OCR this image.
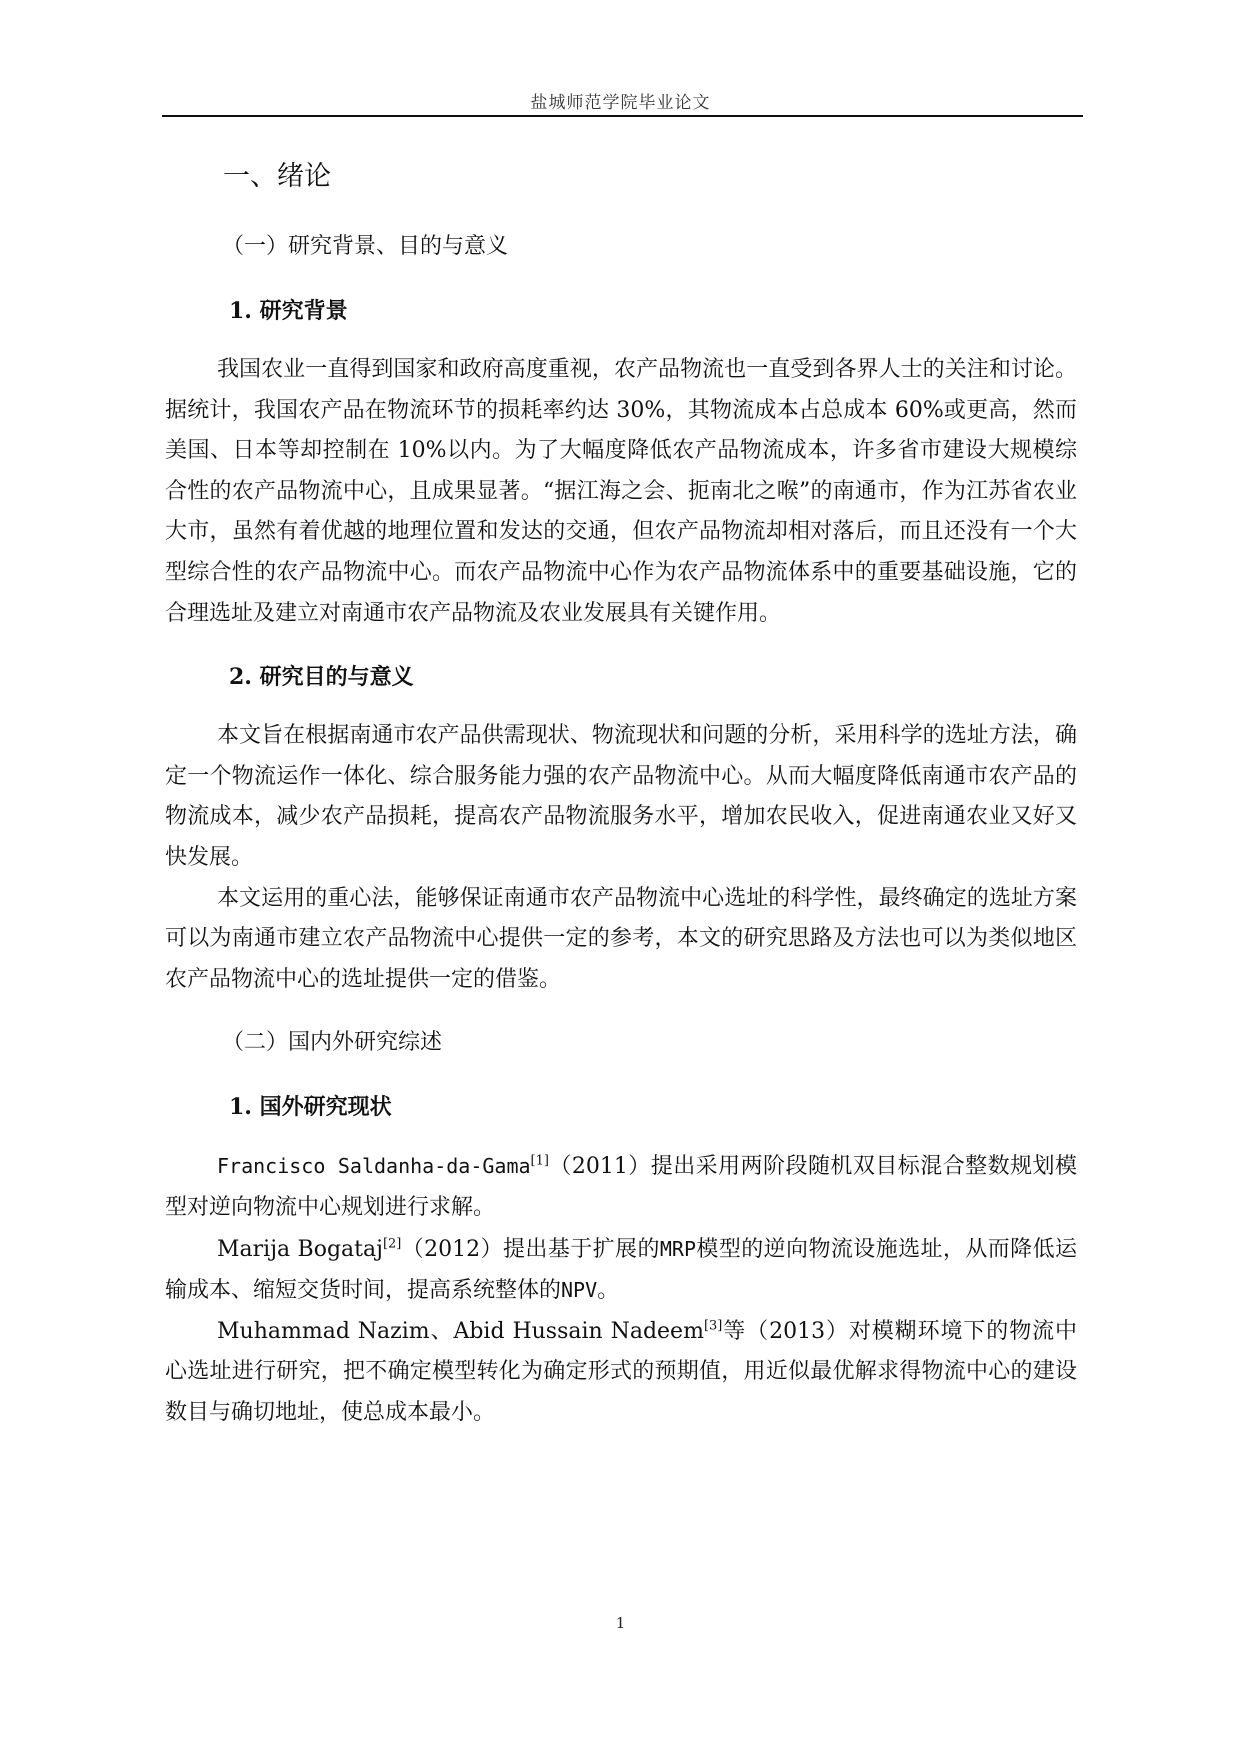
盐城师范学院毕业论文
一、绪论
（一）研究背景、目的与意义
1. 研究背景

我国农业一直得到国家和政府高度重视，农产品物流也一直受到各界人士的关注和讨论。据统计，我国农产品在物流环节的损耗率约达 30%，其物流成本占总成本 60%或更高，然而美国、日本等却控制在 10%以内。为了大幅度降低农产品物流成本，许多省市建设大规模综合性的农产品物流中心，且成果显著。“据江海之会、扼南北之喉”的南通市，作为江苏省农业大市，虽然有着优越的地理位置和发达的交通，但农产品物流却相对落后，而且还没有一个大型综合性的农产品物流中心。而农产品物流中心作为农产品物流体系中的重要基础设施，它的合理选址及建立对南通市农产品物流及农业发展具有关键作用。

2. 研究目的与意义

本文旨在根据南通市农产品供需现状、物流现状和问题的分析，采用科学的选址方法，确定一个物流运作一体化、综合服务能力强的农产品物流中心。从而大幅度降低南通市农产品的物流成本，减少农产品损耗，提高农产品物流服务水平，增加农民收入，促进南通农业又好又快发展。

本文运用的重心法，能够保证南通市农产品物流中心选址的科学性，最终确定的选址方案可以为南通市建立农产品物流中心提供一定的参考，本文的研究思路及方法也可以为类似地区农产品物流中心的选址提供一定的借鉴。

（二）国内外研究综述
1. 国外研究现状

Francisco Saldanha-da-Gama[1]（2011）提出采用两阶段随机双目标混合整数规划模型对逆向物流中心规划进行求解。

Marija Bogataj[2]（2012）提出基于扩展的MRP模型的逆向物流设施选址，从而降低运输成本、缩短交货时间，提高系统整体的NPV。

Muhammad Nazim、Abid Hussain Nadeem[3]等（2013）对模糊环境下的物流中心选址进行研究，把不确定模型转化为确定形式的预期值，用近似最优解求得物流中心的建设数目与确切地址，使总成本最小。

1
